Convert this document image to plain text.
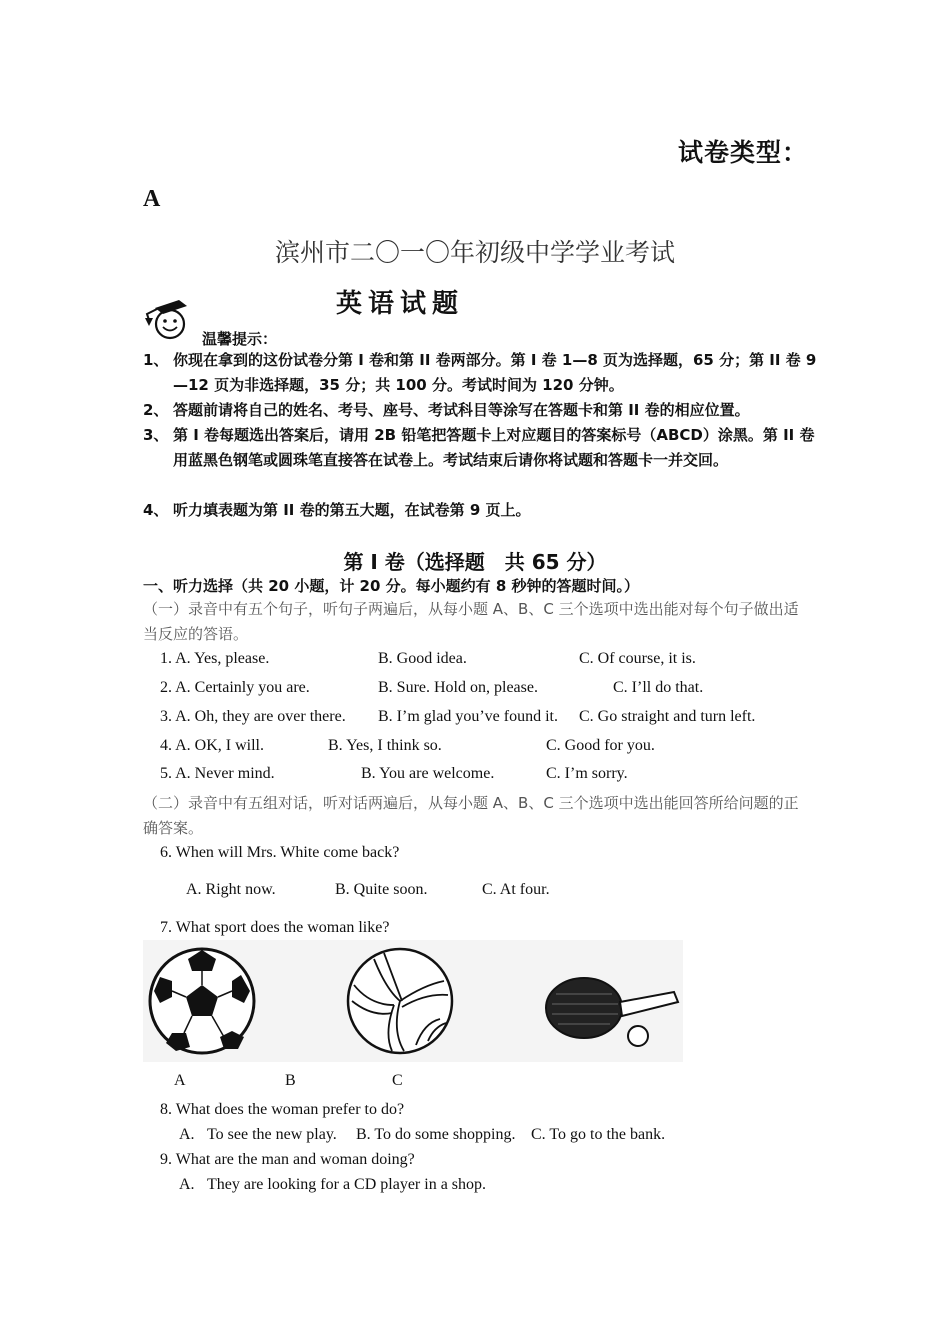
试卷类型：
A
滨州市二〇一〇年初级中学学业考试
英语试题
温馨提示：
1、 你现在拿到的这份试卷分第 I 卷和第 II 卷两部分。第 I 卷 1—8 页为选择题，65 分；第 II 卷 9—12 页为非选择题，35 分；共 100 分。考试时间为 120 分钟。
2、 答题前请将自己的姓名、考号、座号、考试科目等涂写在答题卡和第 II 卷的相应位置。
3、 第 I 卷每题选出答案后，请用 2B 铅笔把答题卡上对应题目的答案标号（ABCD）涂黑。第 II 卷用蓝黑色钢笔或圆珠笔直接答在试卷上。考试结束后请你将试题和答题卡一并交回。
4、 听力填表题为第 II 卷的第五大题，在试卷第 9 页上。
第 I 卷（选择题　共 65 分）
一、听力选择（共 20 小题，计 20 分。每小题约有 8 秒钟的答题时间。）
（一）录音中有五个句子，听句子两遍后，从每小题 A、B、C 三个选项中选出能对每个句子做出适当反应的答语。
1. A. Yes, please.	B. Good idea.	C. Of course, it is.
2. A. Certainly you are.	B. Sure. Hold on, please.	C. I’ll do that.
3. A. Oh, they are over there. B. I’m glad you’ve found it. C. Go straight and turn left.
4. A. OK, I will.	B. Yes, I think so.	C. Good for you.
5. A. Never mind.	B. You are welcome.	C. I’m sorry.
（二）录音中有五组对话，听对话两遍后，从每小题 A、B、C 三个选项中选出能回答所给问题的正确答案。
6. When will Mrs. White come back?
A. Right now.	B. Quite soon.	C. At four.
7. What sport does the woman like?
A	B	C
8. What does the woman prefer to do?
A. To see the new play. B. To do some shopping. C. To go to the bank.
9. What are the man and woman doing?
A. They are looking for a CD player in a shop.
